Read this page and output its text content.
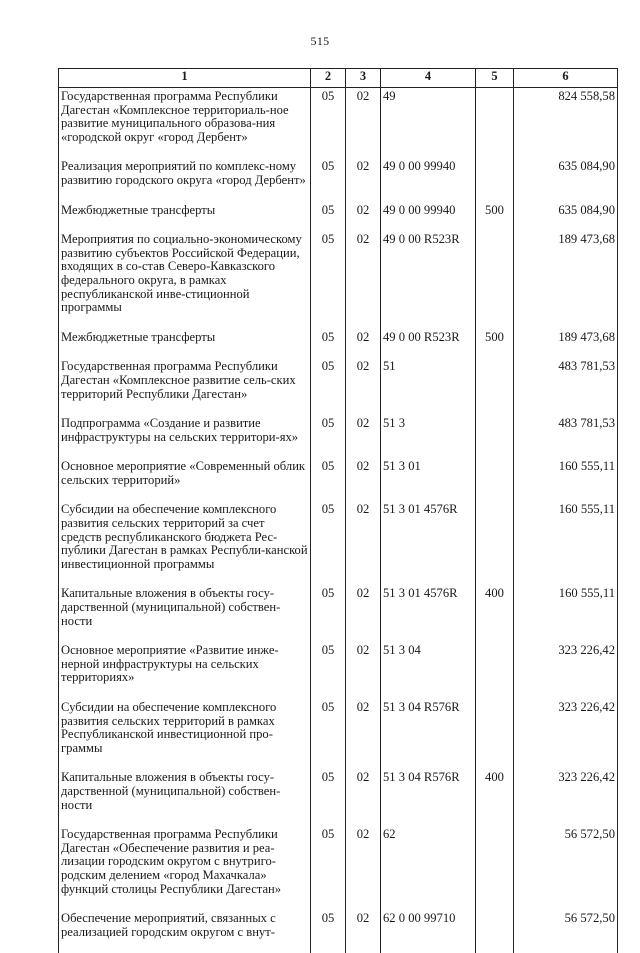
515
1	2	3	4	5	6
Государственная программа Республики Дагестан «Комплексное территориаль-ное развитие муниципального образова-ния «городской округ «город Дербент»	05	02	49		824 558,58
Реализация мероприятий по комплекс-ному развитию городского округа «город Дербент»	05	02	49 0 00 99940		635 084,90
Межбюджетные трансферты	05	02	49 0 00 99940	500	635 084,90
Мероприятия по социально-экономическому развитию субъектов Российской Федерации, входящих в со-став Северо-Кавказского федерального округа, в рамках республиканской инве-стиционной программы	05	02	49 0 00 R523R		189 473,68
Межбюджетные трансферты	05	02	49 0 00 R523R	500	189 473,68
Государственная программа Республики Дагестан «Комплексное развитие сель-ских территорий Республики Дагестан»	05	02	51		483 781,53
Подпрограмма «Создание и развитие инфраструктуры на сельских территори-ях»	05	02	51 3		483 781,53
Основное мероприятие «Современный облик сельских территорий»	05	02	51 3 01		160 555,11
Субсидии на обеспечение комплексного развития сельских территорий за счет средств республиканского бюджета Рес-публики Дагестан в рамках Республи-канской инвестиционной программы	05	02	51 3 01 4576R		160 555,11
Капитальные вложения в объекты госу-дарственной (муниципальной) собствен-ности	05	02	51 3 01 4576R	400	160 555,11
Основное мероприятие «Развитие инже-нерной инфраструктуры на сельских территориях»	05	02	51 3 04		323 226,42
Субсидии на обеспечение комплексного развития сельских территорий в рамках Республиканской инвестиционной про-граммы	05	02	51 3 04 R576R		323 226,42
Капитальные вложения в объекты госу-дарственной (муниципальной) собствен-ности	05	02	51 3 04 R576R	400	323 226,42
Государственная программа Республики Дагестан «Обеспечение развития и реа-лизации городским округом с внутриго-родским делением «город Махачкала» функций столицы Республики Дагестан»	05	02	62		56 572,50
Обеспечение мероприятий, связанных с реализацией городским округом с внут-	05	02	62 0 00 99710		56 572,50
